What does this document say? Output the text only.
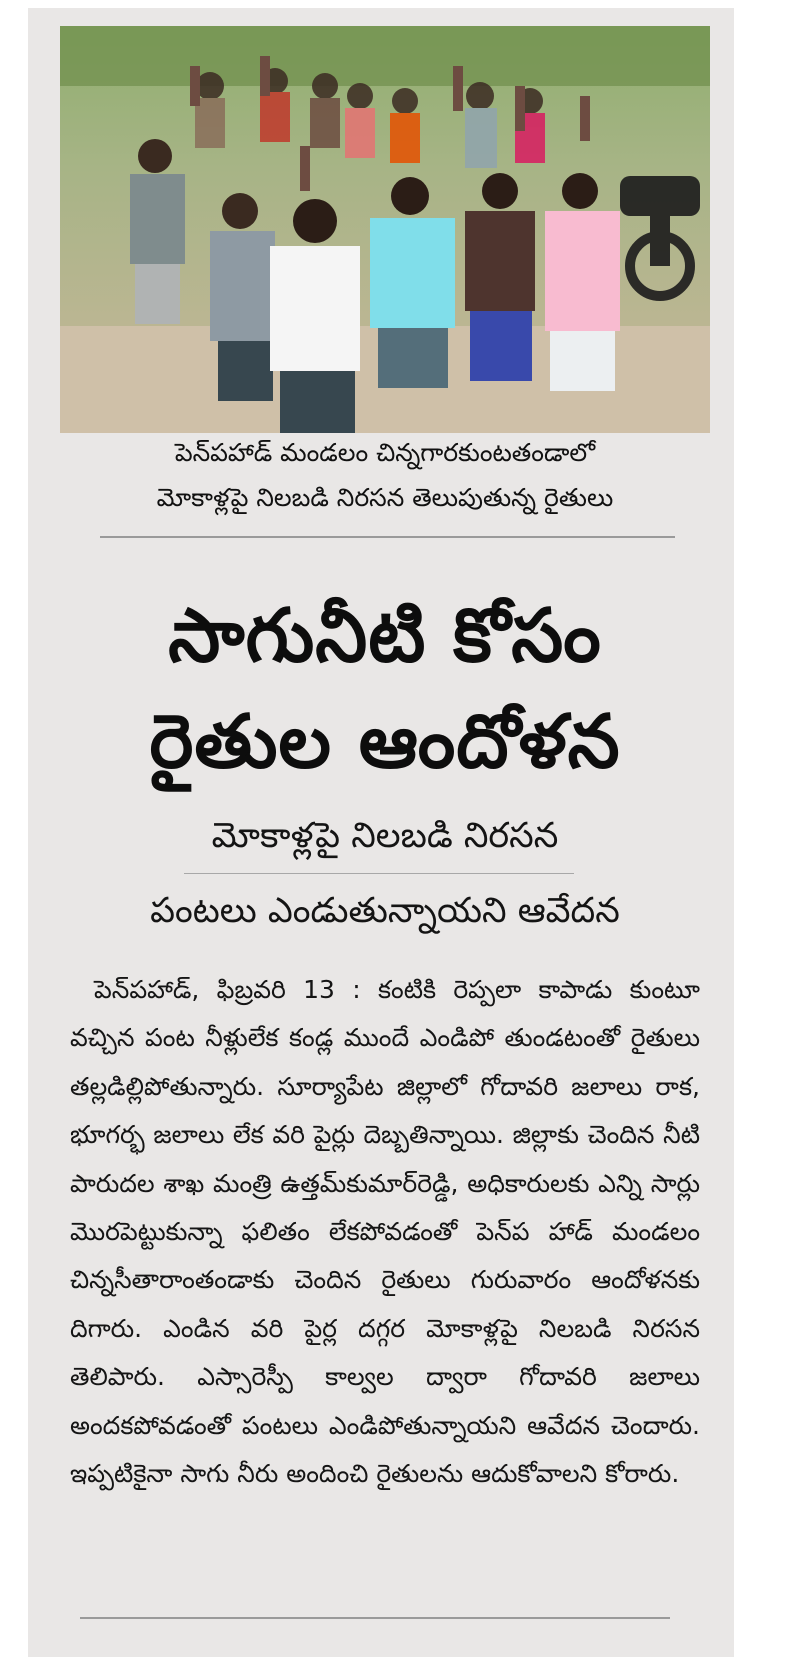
పెన్‌పహాడ్ మండలం చిన్నగారకుంటతండాలో
మోకాళ్లపై నిలబడి నిరసన తెలుపుతున్న రైతులు
సాగునీటి కోసం
రైతుల ఆందోళన
మోకాళ్లపై నిలబడి నిరసన
పంటలు ఎండుతున్నాయని ఆవేదన

పెన్‌పహాడ్, ఫిబ్రవరి 13 : కంటికి రెప్పలా కాపాడు కుంటూ వచ్చిన పంట నీళ్లులేక కండ్ల ముందే ఎండిపో తుండటంతో రైతులు తల్లడిల్లిపోతున్నారు. సూర్యాపేట జిల్లాలో గోదావరి జలాలు రాక, భూగర్భ జలాలు లేక వరి పైర్లు దెబ్బతిన్నాయి. జిల్లాకు చెందిన నీటి పారుదల శాఖ మంత్రి ఉత్తమ్‌కుమార్‌రెడ్డి, అధికారులకు ఎన్ని సార్లు మొరపెట్టుకున్నా ఫలితం లేకపోవడంతో పెన్‌ప హాడ్ మండలం చిన్నసీతారాంతండాకు చెందిన రైతులు గురువారం ఆందోళనకు దిగారు. ఎండిన వరి పైర్ల దగ్గర మోకాళ్లపై నిలబడి నిరసన తెలిపారు. ఎస్సారెస్పీ కాల్వల ద్వారా గోదావరి జలాలు అందకపోవడంతో పంటలు ఎండిపోతున్నాయని ఆవేదన చెందారు. ఇప్పటికైనా సాగు నీరు అందించి రైతులను ఆదుకోవాలని కోరారు.
